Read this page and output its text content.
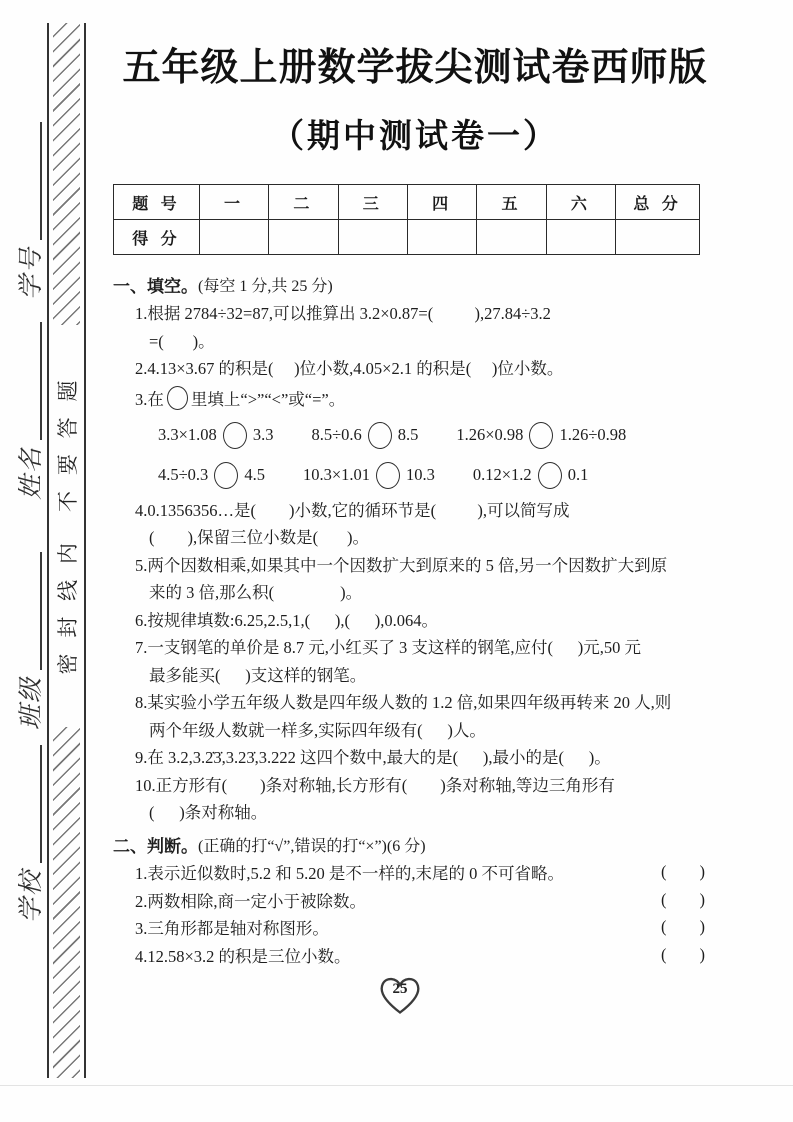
学校
班级
姓名
学号
密 封 线 内　不 要 答 题
五年级上册数学拔尖测试卷西师版
（期中测试卷一）
题 号	一	二	三	四	五	六	总 分
得 分							
一、填空。 (每空 1 分,共 25 分)
1.根据 2784÷32=87,可以推算出 3.2×0.87=(          ),27.84÷3.2
=(       )。
2.4.13×3.67 的积是(     )位小数,4.05×2.1 的积是(     )位小数。
3.在 里填上“>”“<”或“=”。
3.3×1.08 3.3 8.5÷0.6 8.5 1.26×0.98 1.26÷0.98
4.5÷0.3 4.5 10.3×1.01 10.3 0.12×1.2 0.1
4.0.1356356…是(        )小数,它的循环节是(          ),可以简写成
(        ),保留三位小数是(       )。
5.两个因数相乘,如果其中一个因数扩大到原来的 5 倍,另一个因数扩大到原
来的 3 倍,那么积(                )。
6.按规律填数:6.25,2.5,1,(      ),(      ),0.064。
7.一支钢笔的单价是 8.7 元,小红买了 3 支这样的钢笔,应付(      )元,50 元
最多能买(      )支这样的钢笔。
8.某实验小学五年级人数是四年级人数的 1.2 倍,如果四年级再转来 20 人,则
两个年级人数就一样多,实际四年级有(      )人。
9.在 3.2,3.2̇3̇,3.23̇,3.222 这四个数中,最大的是(      ),最小的是(      )。
10.正方形有(        )条对称轴,长方形有(        )条对称轴,等边三角形有
(      )条对称轴。
二、判断。 (正确的打“√”,错误的打“×”)(6 分)
1.表示近似数时,5.2 和 5.20 是不一样的,末尾的 0 不可省略。	(        )
2.两数相除,商一定小于被除数。	(        )
3.三角形都是轴对称图形。	(        )
4.12.58×3.2 的积是三位小数。	(        )
25
